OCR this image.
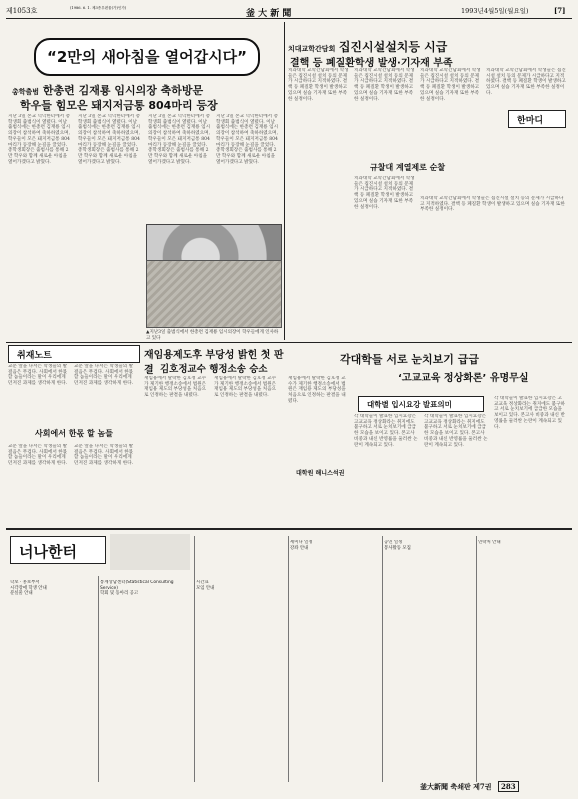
제1053호	(1986. 6. 1. 제3종우편물(가)인가)
釜 大 新 聞	1993년4월5일(월요일)	[7]
“2만의 새아침을 열어갑시다”
총학출범 한총련 김재룡 임시의장 축하방문
학우들 힘모은 돼지저금통 804마리 등장
지난 3일 본교 넉넉한터에서 총학생회 출범식이 열렸다. 이날 출범식에는 한총련 김재룡 임시의장이 참석하여 축하하였으며, 학우들이 모은 돼지저금통 804마리가 등장해 눈길을 끌었다. 총학생회장은 출범사를 통해 2만 학우와 함께 새로운 아침을 열어가겠다고 밝혔다.
지난 3일 본교 넉넉한터에서 총학생회 출범식이 열렸다. 이날 출범식에는 한총련 김재룡 임시의장이 참석하여 축하하였으며, 학우들이 모은 돼지저금통 804마리가 등장해 눈길을 끌었다. 총학생회장은 출범사를 통해 2만 학우와 함께 새로운 아침을 열어가겠다고 밝혔다.
지난 3일 본교 넉넉한터에서 총학생회 출범식이 열렸다. 이날 출범식에는 한총련 김재룡 임시의장이 참석하여 축하하였으며, 학우들이 모은 돼지저금통 804마리가 등장해 눈길을 끌었다. 총학생회장은 출범사를 통해 2만 학우와 함께 새로운 아침을 열어가겠다고 밝혔다.
지난 3일 본교 넉넉한터에서 총학생회 출범식이 열렸다. 이날 출범식에는 한총련 김재룡 임시의장이 참석하여 축하하였으며, 학우들이 모은 돼지저금통 804마리가 등장해 눈길을 끌었다. 총학생회장은 출범사를 통해 2만 학우와 함께 새로운 아침을 열어가겠다고 밝혔다.
▲지난3일 출범식에서 한총련 김재룡 임시의장이 학우들에게 인사하고 있다
취재노트
교문 앞을 나서는 학생들의 발걸음은 무겁다. 사회에서 한몫 할 놈들이라는 말이 우리에게 던져진 과제를 생각하게 한다.
교문 앞을 나서는 학생들의 발걸음은 무겁다. 사회에서 한몫 할 놈들이라는 말이 우리에게 던져진 과제를 생각하게 한다.
사회에서 한몫 할 놈들
교문 앞을 나서는 학생들의 발걸음은 무겁다. 사회에서 한몫 할 놈들이라는 말이 우리에게 던져진 과제를 생각하게 한다.
교문 앞을 나서는 학생들의 발걸음은 무겁다. 사회에서 한몫 할 놈들이라는 말이 우리에게 던져진 과제를 생각하게 한다.
재임용제도후 부당성 밝힌 첫 판결 김호정교수 행정소송 승소
재임용에서 탈락한 김호정 교수가 제기한 행정소송에서 법원은 재임용 제도의 부당성을 처음으로 인정하는 판결을 내렸다.
재임용에서 탈락한 김호정 교수가 제기한 행정소송에서 법원은 재임용 제도의 부당성을 처음으로 인정하는 판결을 내렸다.
치과대학 교학간담회에서 학생들은 집진시설 설치 등의 문제가 시급하다고 지적하였다. 결핵 등 폐질환 학생이 발생하고 있으며 실습 기자재 또한 부족한 실정이다.
치과대학 교학간담회에서 학생들은 집진시설 설치 등의 문제가 시급하다고 지적하였다. 결핵 등 폐질환 학생이 발생하고 있으며 실습 기자재 또한 부족한 실정이다.
치과대학 교학간담회에서 학생들은 집진시설 설치 등의 문제가 시급하다고 지적하였다. 결핵 등 폐질환 학생이 발생하고 있으며 실습 기자재 또한 부족한 실정이다.
치대교학간담회 집진시설설치등 시급
결핵 등 폐질환학생 발생·기자재 부족
규찰대 계열제로 순찰
치과대학 교학간담회에서 학생들은 집진시설 설치 등의 문제가 시급하다고 지적하였다. 결핵 등 폐질환 학생이 발생하고 있으며 실습 기자재 또한 부족한 실정이다.
한마디
치과대학 교학간담회에서 학생들은 집진시설 설치 등의 문제가 시급하다고 지적하였다. 결핵 등 폐질환 학생이 발생하고 있으며 실습 기자재 또한 부족한 실정이다.
치과대학 교학간담회에서 학생들은 집진시설 설치 등의 문제가 시급하다고 지적하였다. 결핵 등 폐질환 학생이 발생하고 있으며 실습 기자재 또한 부족한 실정이다.
각대학들 서로 눈치보기 급급
‘고교교육 정상화론’ 유명무실
대학별 입시요강 발표의미
재임용에서 탈락한 김호정 교수가 제기한 행정소송에서 법원은 재임용 제도의 부당성을 처음으로 인정하는 판결을 내렸다.
각 대학들이 발표한 입시요강은 고교교육 정상화라는 취지에도 불구하고 서로 눈치보기에 급급한 모습을 보이고 있다. 본고사 비중과 내신 반영률을 둘러싼 논란이 계속되고 있다.
각 대학들이 발표한 입시요강은 고교교육 정상화라는 취지에도 불구하고 서로 눈치보기에 급급한 모습을 보이고 있다. 본고사 비중과 내신 반영률을 둘러싼 논란이 계속되고 있다.
각 대학들이 발표한 입시요강은 고교교육 정상화라는 취지에도 불구하고 서로 눈치보기에 급급한 모습을 보이고 있다. 본고사 비중과 내신 반영률을 둘러싼 논란이 계속되고 있다.
대학원 해니스석권
너나한터
학보 · 홍보부서
시각장애 학생 안내
분실물 안내
통계상담센터(Statistical Consulting Service)
학회 및 동아리 공고
시간표
모임 안내
세미나 일정
강좌 안내
공연 일정
봉사활동 모집
연락처 안내
釜大新聞 축쇄판 제7권 283
